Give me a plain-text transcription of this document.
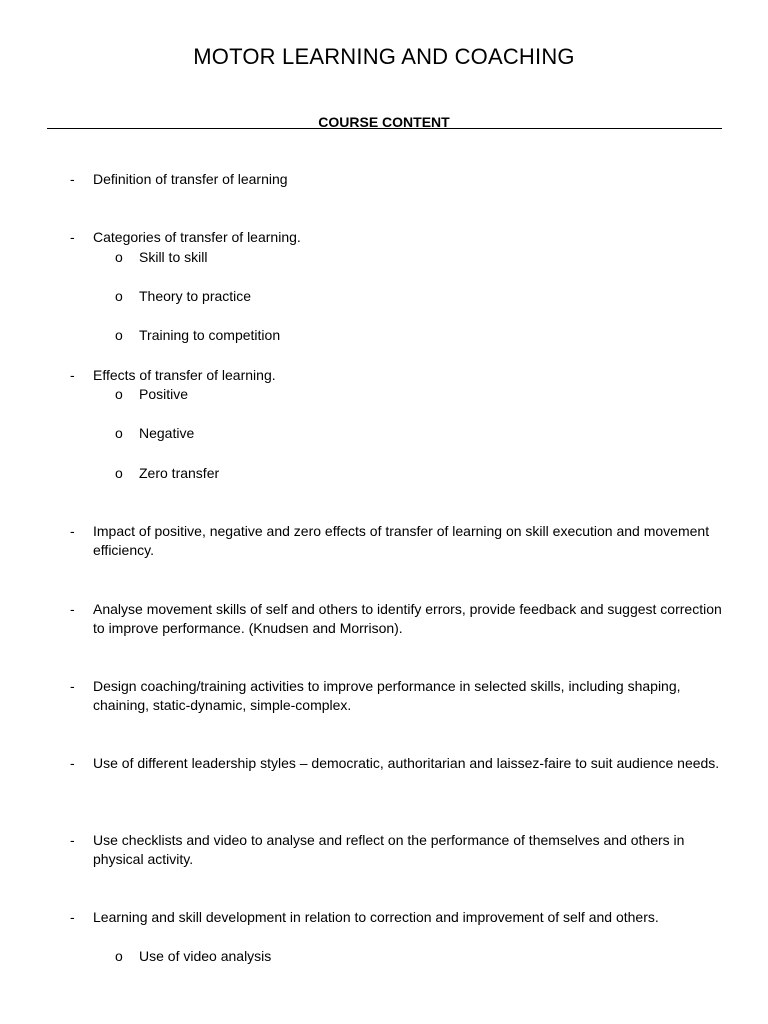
MOTOR LEARNING AND COACHING
COURSE CONTENT
- Definition of transfer of learning
- Categories of transfer of learning.
o Skill to skill
o Theory to practice
o Training to competition
- Effects of transfer of learning.
o Positive
o Negative
o Zero transfer
- Impact of positive, negative and zero effects of transfer of learning on skill execution and movement efficiency.
- Analyse movement skills of self and others to identify errors, provide feedback and suggest correction to improve performance. (Knudsen and Morrison).
- Design coaching/training activities to improve performance in selected skills, including shaping, chaining, static-dynamic, simple-complex.
- Use of different leadership styles – democratic, authoritarian and laissez-faire to suit audience needs.
- Use checklists and video to analyse and reflect on the performance of themselves and others in physical activity.
- Learning and skill development in relation to correction and improvement of self and others.
o Use of video analysis
